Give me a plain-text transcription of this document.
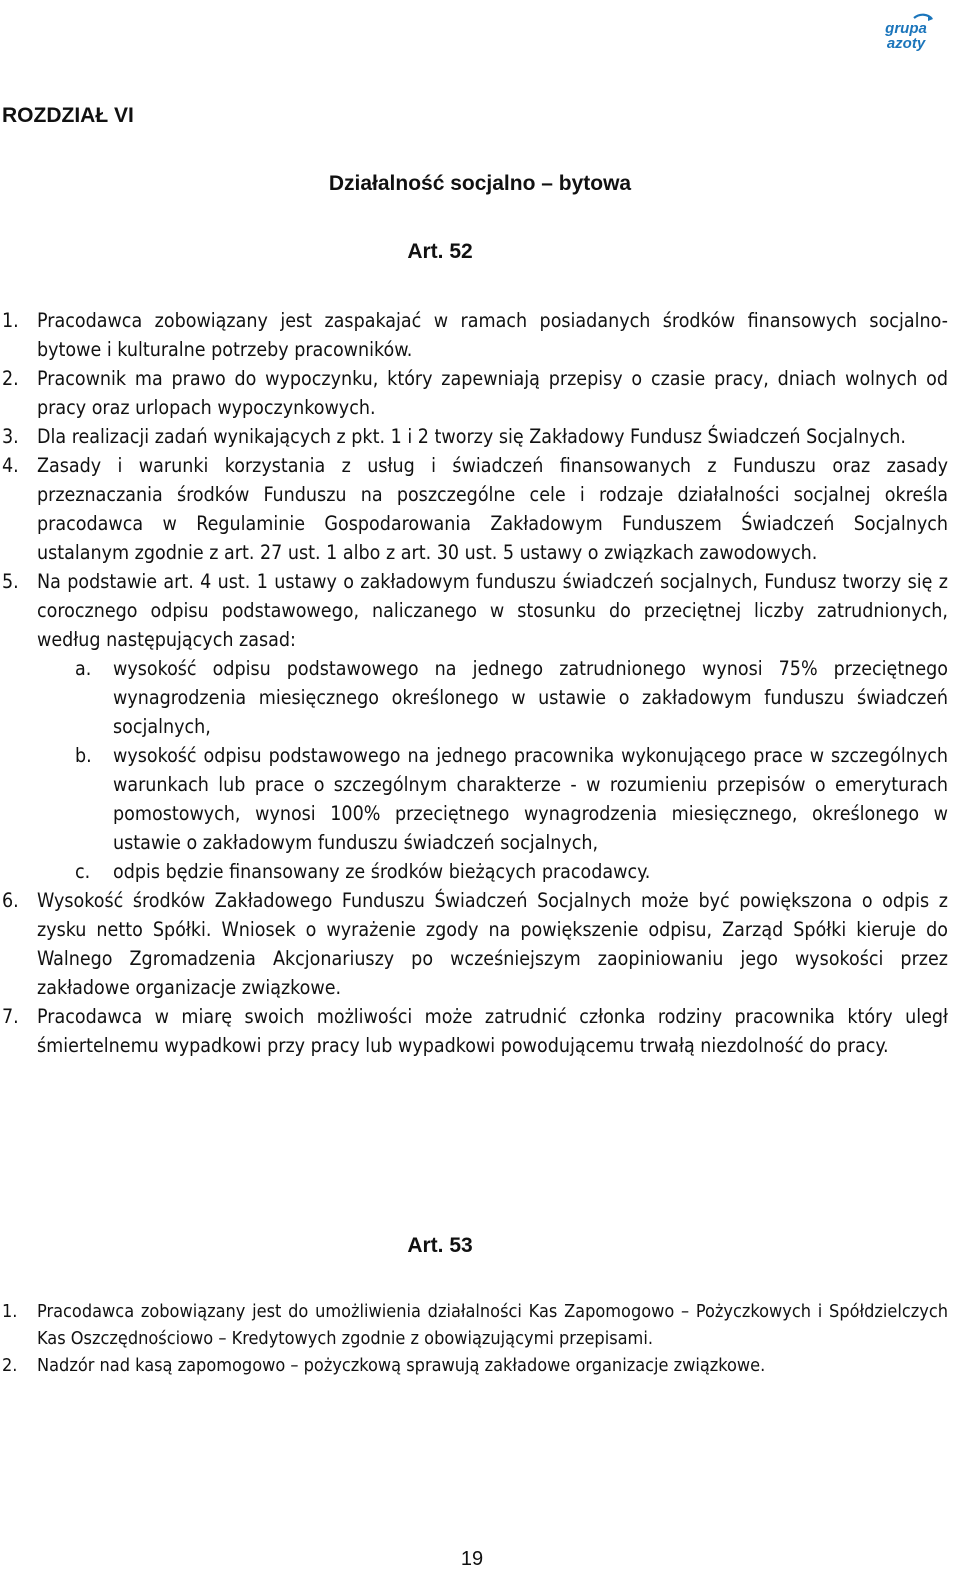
grupa
azoty
ROZDZIAŁ VI
Działalność socjalno – bytowa
Art. 52
1. Pracodawca zobowiązany jest zaspakajać w ramach posiadanych środków finansowych socjalno-bytowe i kulturalne potrzeby pracowników.
2. Pracownik ma prawo do wypoczynku, który zapewniają przepisy o czasie pracy, dniach wolnych od pracy oraz urlopach wypoczynkowych.
3. Dla realizacji zadań wynikających z pkt. 1 i 2 tworzy się Zakładowy Fundusz Świadczeń Socjalnych.
4. Zasady i warunki korzystania z usług i świadczeń finansowanych z Funduszu oraz zasady przeznaczania środków Funduszu na poszczególne cele i rodzaje działalności socjalnej określa pracodawca w Regulaminie Gospodarowania Zakładowym Funduszem Świadczeń Socjalnych ustalanym zgodnie z art. 27 ust. 1 albo z art. 30 ust. 5 ustawy o związkach zawodowych.
5. Na podstawie art. 4 ust. 1 ustawy o zakładowym funduszu świadczeń socjalnych, Fundusz tworzy się z corocznego odpisu podstawowego, naliczanego w stosunku do przeciętnej liczby zatrudnionych, według następujących zasad:
a. wysokość odpisu podstawowego na jednego zatrudnionego wynosi 75% przeciętnego wynagrodzenia miesięcznego określonego w ustawie o zakładowym funduszu świadczeń socjalnych,
b. wysokość odpisu podstawowego na jednego pracownika wykonującego prace w szczególnych warunkach lub prace o szczególnym charakterze - w rozumieniu przepisów o emeryturach pomostowych, wynosi 100% przeciętnego wynagrodzenia miesięcznego, określonego w ustawie o zakładowym funduszu świadczeń socjalnych,
c. odpis będzie finansowany ze środków bieżących pracodawcy.
6. Wysokość środków Zakładowego Funduszu Świadczeń Socjalnych może być powiększona o odpis z zysku netto Spółki. Wniosek o wyrażenie zgody na powiększenie odpisu, Zarząd Spółki kieruje do Walnego Zgromadzenia Akcjonariuszy po wcześniejszym zaopiniowaniu jego wysokości przez zakładowe organizacje związkowe.
7. Pracodawca w miarę swoich możliwości może zatrudnić członka rodziny pracownika który uległ śmiertelnemu wypadkowi przy pracy lub wypadkowi powodującemu trwałą niezdolność do pracy.
Art. 53
1. Pracodawca zobowiązany jest do umożliwienia działalności Kas Zapomogowo – Pożyczkowych i Spółdzielczych Kas Oszczędnościowo – Kredytowych zgodnie z obowiązującymi przepisami.
2. Nadzór nad kasą zapomogowo – pożyczkową sprawują zakładowe organizacje związkowe.
19
